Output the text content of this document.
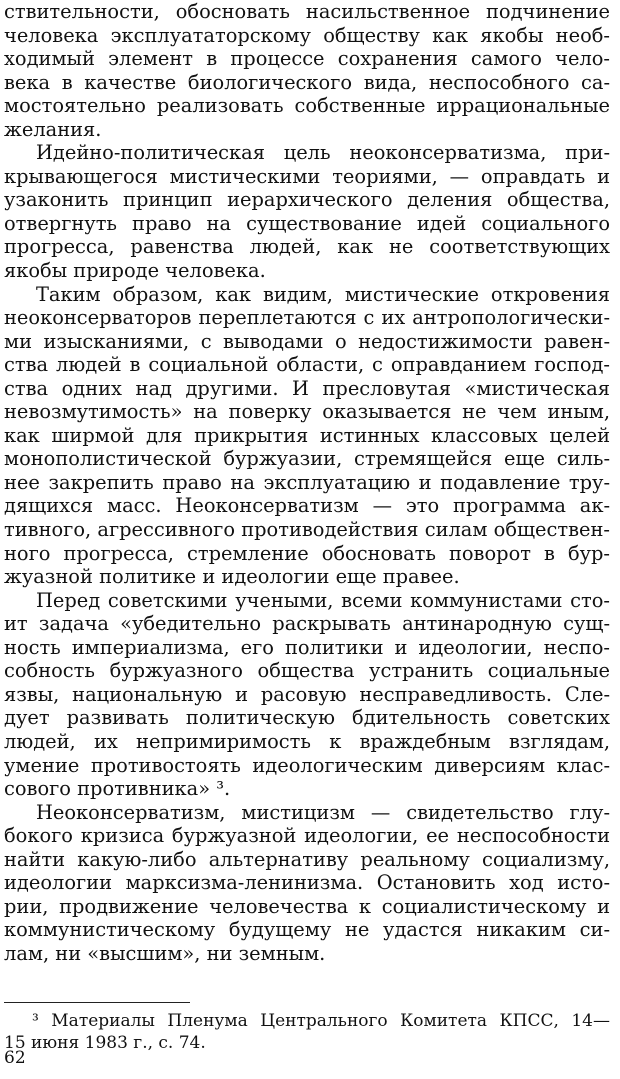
ствительности, обосновать насильственное подчинение
человека эксплуататорскому обществу как якобы необ-
ходимый элемент в процессе сохранения самого чело-
века в качестве биологического вида, неспособного са-
мостоятельно реализовать собственные иррациональные
желания.
Идейно-политическая цель неоконсерватизма, при-
крывающегося мистическими теориями, — оправдать и
узаконить принцип иерархического деления общества,
отвергнуть право на существование идей социального
прогресса, равенства людей, как не соответствующих
якобы природе человека.
Таким образом, как видим, мистические откровения
неоконсерваторов переплетаются с их антропологически-
ми изысканиями, с выводами о недостижимости равен-
ства людей в социальной области, с оправданием господ-
ства одних над другими. И пресловутая «мистическая
невозмутимость» на поверку оказывается не чем иным,
как ширмой для прикрытия истинных классовых целей
монополистической буржуазии, стремящейся еще силь-
нее закрепить право на эксплуатацию и подавление тру-
дящихся масс. Неоконсерватизм — это программа ак-
тивного, агрессивного противодействия силам обществен-
ного прогресса, стремление обосновать поворот в бур-
жуазной политике и идеологии еще правее.
Перед советскими учеными, всеми коммунистами сто-
ит задача «убедительно раскрывать антинародную сущ-
ность империализма, его политики и идеологии, неспо-
собность буржуазного общества устранить социальные
язвы, национальную и расовую несправедливость. Сле-
дует развивать политическую бдительность советских
людей, их непримиримость к враждебным взглядам,
умение противостоять идеологическим диверсиям клас-
сового противника» ³.
Неоконсерватизм, мистицизм — свидетельство глу-
бокого кризиса буржуазной идеологии, ее неспособности
найти какую-либо альтернативу реальному социализму,
идеологии марксизма-ленинизма. Остановить ход исто-
рии, продвижение человечества к социалистическому и
коммунистическому будущему не удастся никаким си-
лам, ни «высшим», ни земным.
³ Материалы Пленума Центрального Комитета КПСС, 14—
15 июня 1983 г., с. 74.
62
